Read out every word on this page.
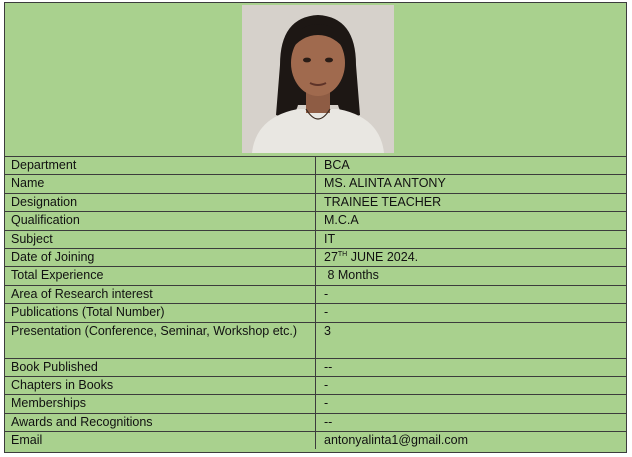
Department	BCA
Name	MS. ALINTA ANTONY
Designation	TRAINEE TEACHER
Qualification	M.C.A
Subject	IT
Date of Joining	27TH JUNE 2024.
Total Experience	8 Months
Area of Research interest	-
Publications (Total Number)	-
Presentation (Conference, Seminar, Workshop etc.)	3
Book Published	--
Chapters in Books	-
Memberships	-
Awards and Recognitions	--
Email	antonyalinta1@gmail.com
